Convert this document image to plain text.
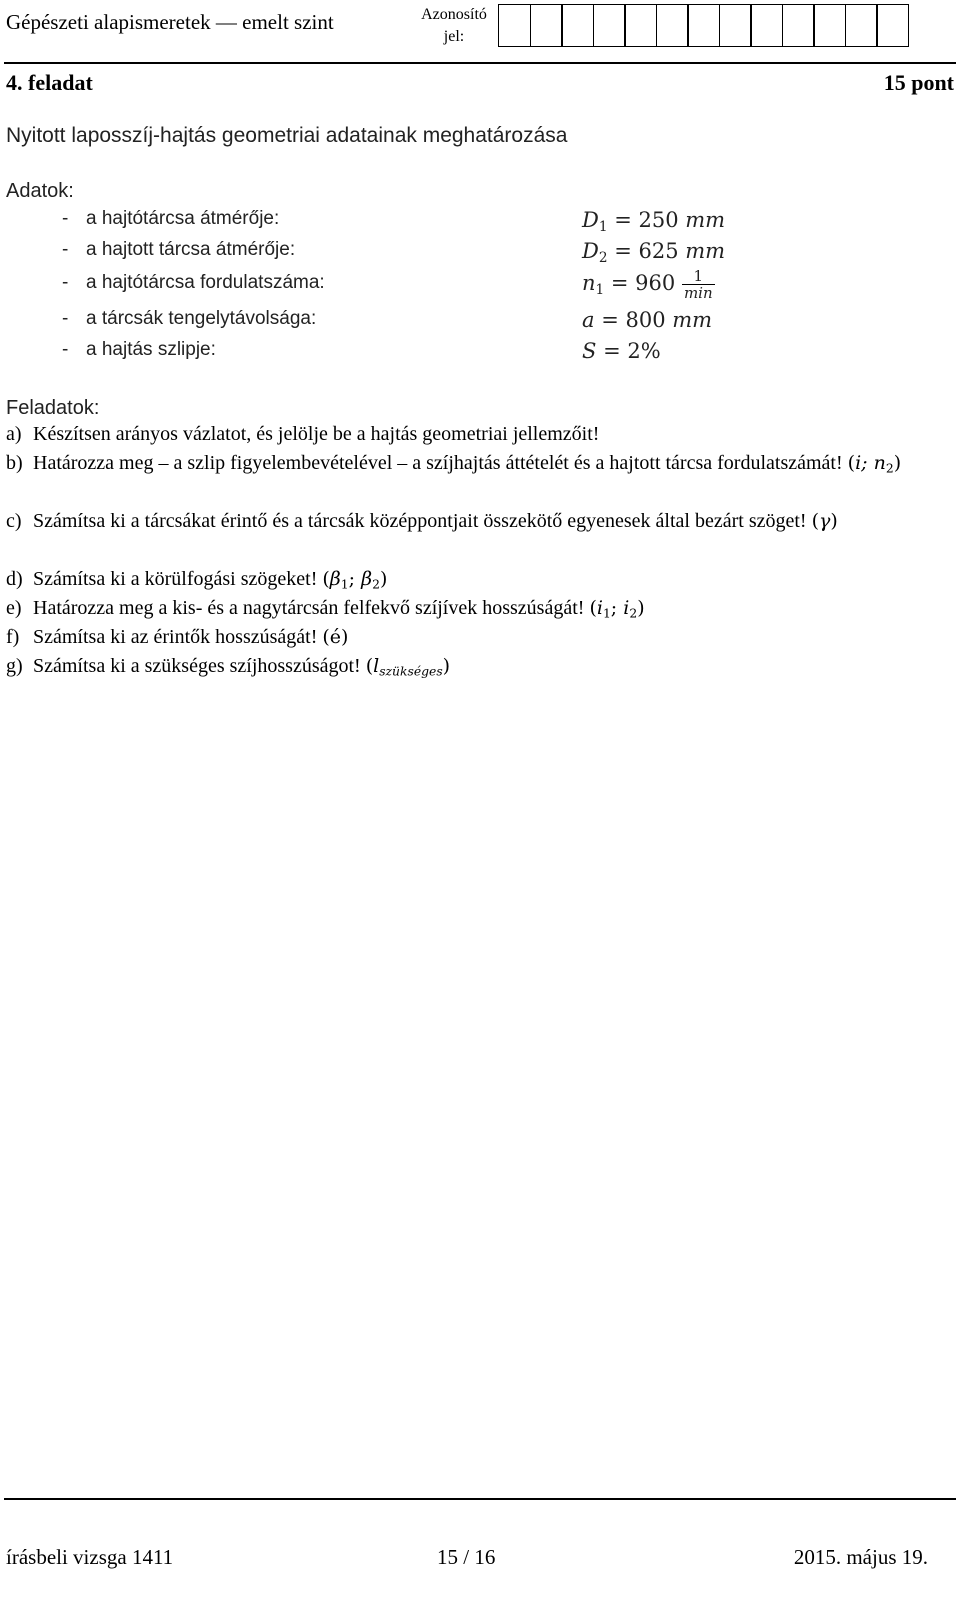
Gépészeti alapismeretek — emelt szint	Azonosító jel:
4. feladat	15 pont
Nyitott laposszíj-hajtás geometriai adatainak meghatározása
Adatok:
- a hajtótárcsa átmérője:	$D_1 = 250$ mm
- a hajtott tárcsa átmérője:	$D_2 = 625$ mm
- a hajtótárcsa fordulatszáma:	$n_1 = 960 \frac{1}{\min}$
- a tárcsák tengelytávolsága:	a = 800 mm
- a hajtás szlipje:	S = 2%
Feladatok:
a) Készítsen arányos vázlatot, és jelölje be a hajtás geometriai jellemzőit!
b) Határozza meg – a szlip figyelembevételével – a szíjhajtás áttételét és a hajtott tárcsa fordulatszámát! (i; $n_2$)
c) Számítsa ki a tárcsákat érintő és a tárcsák középpontjait összekötő egyenesek által bezárt szöget! (γ)
d) Számítsa ki a körülfogási szögeket! ($\beta_1$; $\beta_2$)
e) Határozza meg a kis- és a nagytárcsán felfekvő szíjívek hosszúságát! ($i_1$; $i_2$)
f) Számítsa ki az érintők hosszúságát! (é)
g) Számítsa ki a szükséges szíjhosszúságot! $(l_{szükséges})$
írásbeli vizsga 1411	15 / 16	2015. május 19.
